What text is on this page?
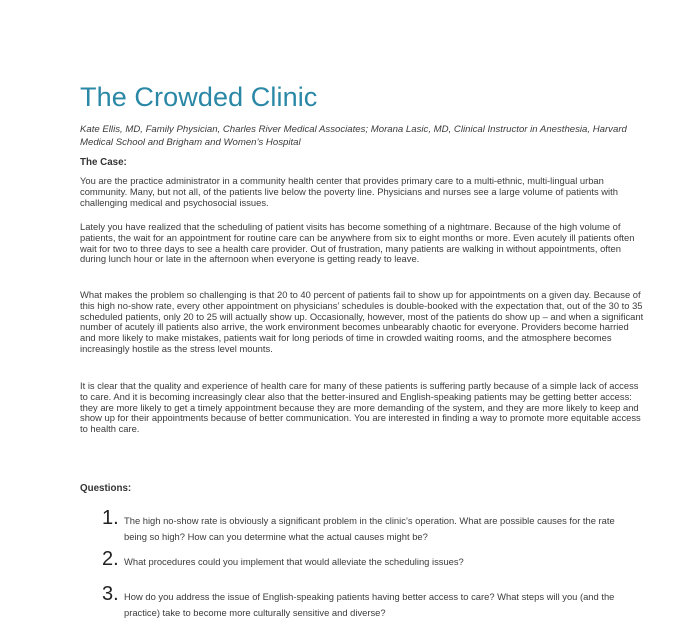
The Crowded Clinic

Kate Ellis, MD, Family Physician, Charles River Medical Associates; Morana Lasic, MD, Clinical Instructor in Anesthesia, Harvard Medical School and Brigham and Women’s Hospital

The Case:

You are the practice administrator in a community health center that provides primary care to a multi-ethnic, multi-lingual urban community. Many, but not all, of the patients live below the poverty line. Physicians and nurses see a large volume of patients with challenging medical and psychosocial issues.

Lately you have realized that the scheduling of patient visits has become something of a nightmare. Because of the high volume of patients, the wait for an appointment for routine care can be anywhere from six to eight months or more. Even acutely ill patients often wait for two to three days to see a health care provider. Out of frustration, many patients are walking in without appointments, often during lunch hour or late in the afternoon when everyone is getting ready to leave.

What makes the problem so challenging is that 20 to 40 percent of patients fail to show up for appointments on a given day. Because of this high no-show rate, every other appointment on physicians’ schedules is double-booked with the expectation that, out of the 30 to 35 scheduled patients, only 20 to 25 will actually show up. Occasionally, however, most of the patients do show up – and when a significant number of acutely ill patients also arrive, the work environment becomes unbearably chaotic for everyone. Providers become harried and more likely to make mistakes, patients wait for long periods of time in crowded waiting rooms, and the atmosphere becomes increasingly hostile as the stress level mounts.

It is clear that the quality and experience of health care for many of these patients is suffering partly because of a simple lack of access to care. And it is becoming increasingly clear also that the better-insured and English-speaking patients may be getting better access: they are more likely to get a timely appointment because they are more demanding of the system, and they are more likely to keep and show up for their appointments because of better communication. You are interested in finding a way to promote more equitable access to health care.

Questions:

1. The high no-show rate is obviously a significant problem in the clinic’s operation. What are possible causes for the rate being so high? How can you determine what the actual causes might be?

2. What procedures could you implement that would alleviate the scheduling issues?

3. How do you address the issue of English-speaking patients having better access to care? What steps will you (and the practice) take to become more culturally sensitive and diverse?
